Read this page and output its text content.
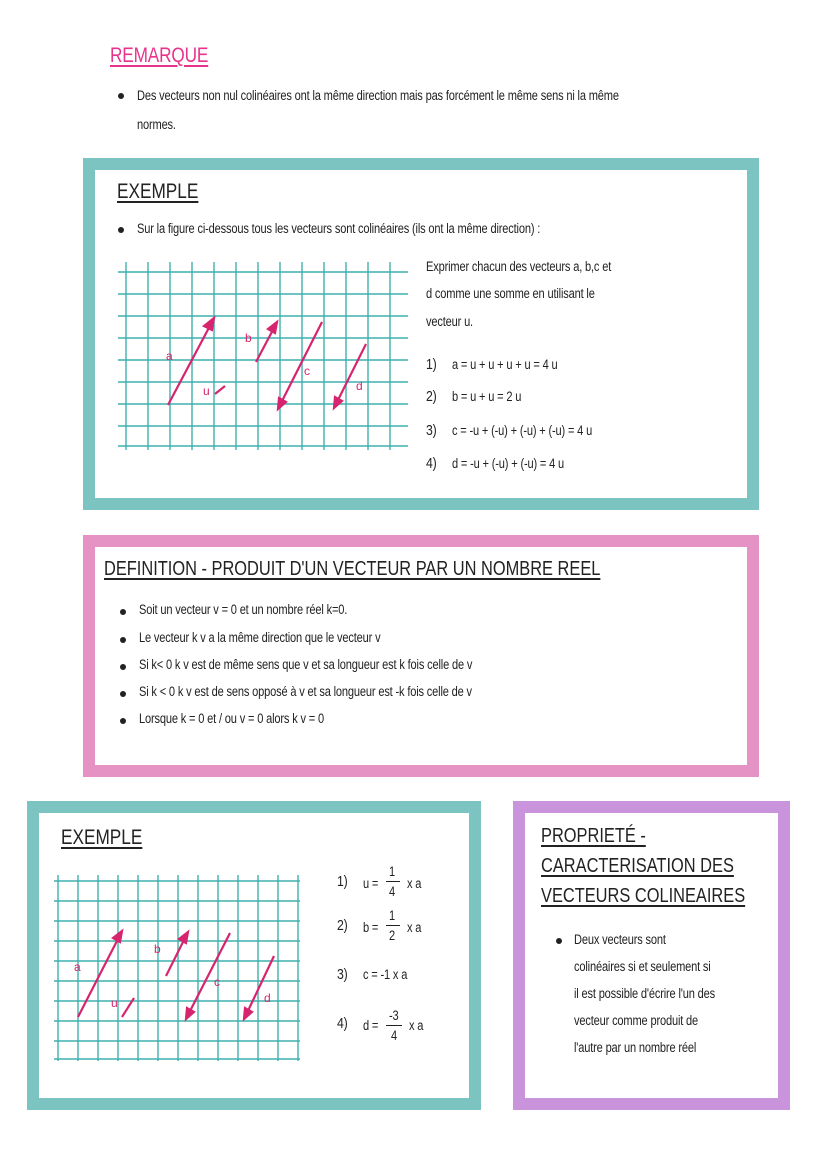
REMARQUE
Des vecteurs non nul colinéaires ont la même direction mais pas forcément le même sens ni la même
normes.
EXEMPLE
Sur la figure ci-dessous tous les vecteurs sont colinéaires (ils ont la même direction) :
a
u
b
c
d
Exprimer chacun des vecteurs a, b,c et
d comme une somme en utilisant le
vecteur u.
1) a = u + u + u + u = 4 u
2) b = u + u = 2 u
3) c = -u + (-u) + (-u) + (-u) = 4 u
4) d = -u + (-u) + (-u) = 4 u
DEFINITION - PRODUIT D'UN VECTEUR PAR UN NOMBRE REEL
Soit un vecteur v = 0 et un nombre réel k=0.
Le vecteur k v a la même direction que le vecteur v
Si k< 0 k v est de même sens que v et sa longueur est k fois celle de v
Si k < 0 k v est de sens opposé à v et sa longueur est -k fois celle de v
Lorsque k = 0 et / ou v = 0 alors k v = 0
EXEMPLE
a
u
b
c
d
1) u =
1
4
x a
2) b =
1
2
x a
3) c = -1 x a
4) d =
-3
4
x a
PROPRIETÉ -
CARACTERISATION DES
VECTEURS COLINEAIRES
Deux vecteurs sont
colinéaires si et seulement si
il est possible d'écrire l'un des
vecteur comme produit de
l'autre par un nombre réel
